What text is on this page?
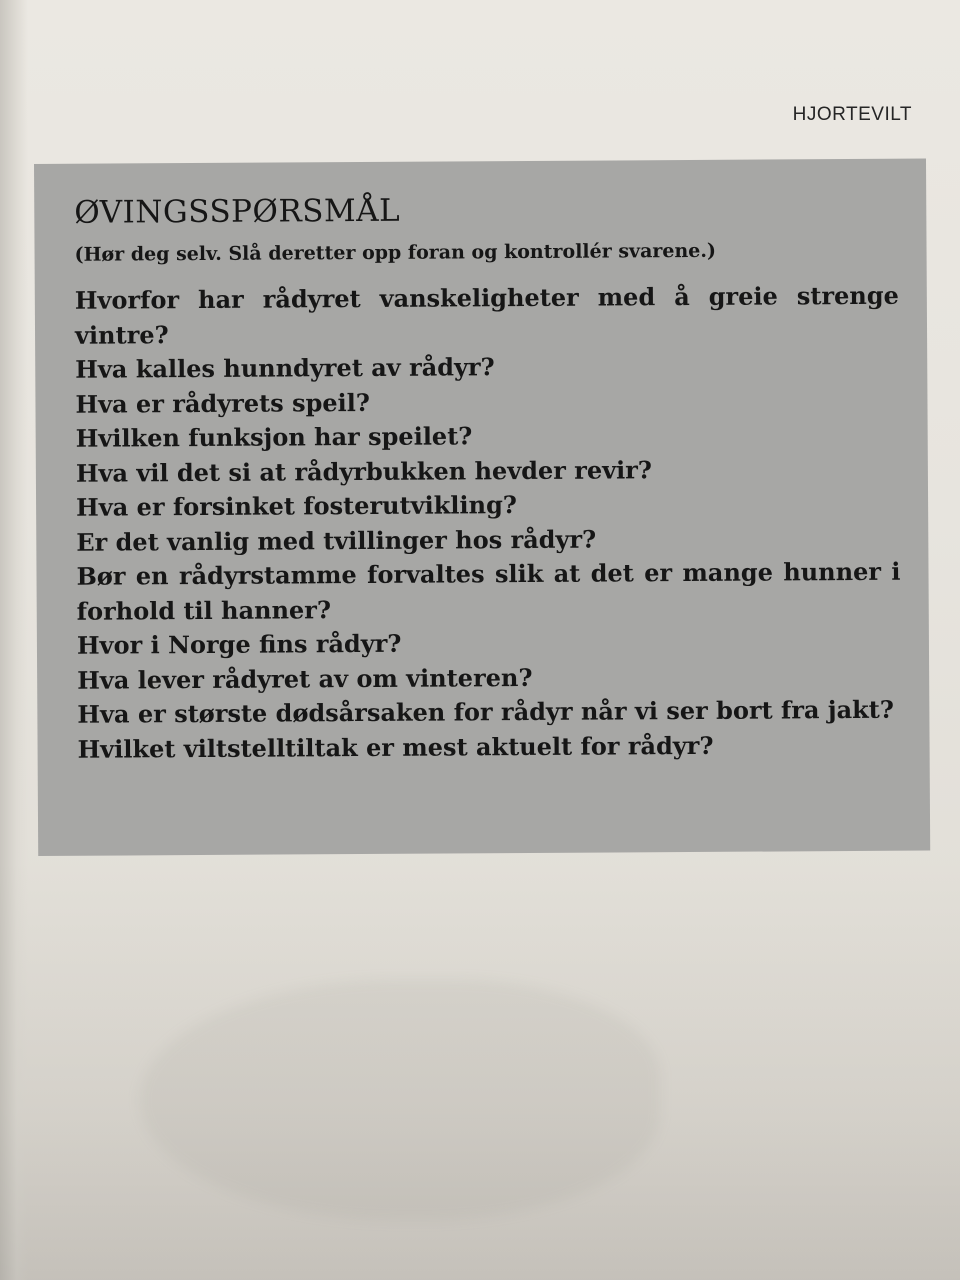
HJORTEVILT
ØVINGSSPØRSMÅL
(Hør deg selv. Slå deretter opp foran og kontrollér svarene.)
Hvorfor har rådyret vanskeligheter med å greie strenge vintre?
Hva kalles hunndyret av rådyr?
Hva er rådyrets speil?
Hvilken funksjon har speilet?
Hva vil det si at rådyrbukken hevder revir?
Hva er forsinket fosterutvikling?
Er det vanlig med tvillinger hos rådyr?
Bør en rådyrstamme forvaltes slik at det er mange hunner i forhold til hanner?
Hvor i Norge fins rådyr?
Hva lever rådyret av om vinteren?
Hva er største dødsårsaken for rådyr når vi ser bort fra jakt?
Hvilket viltstelltiltak er mest aktuelt for rådyr?
